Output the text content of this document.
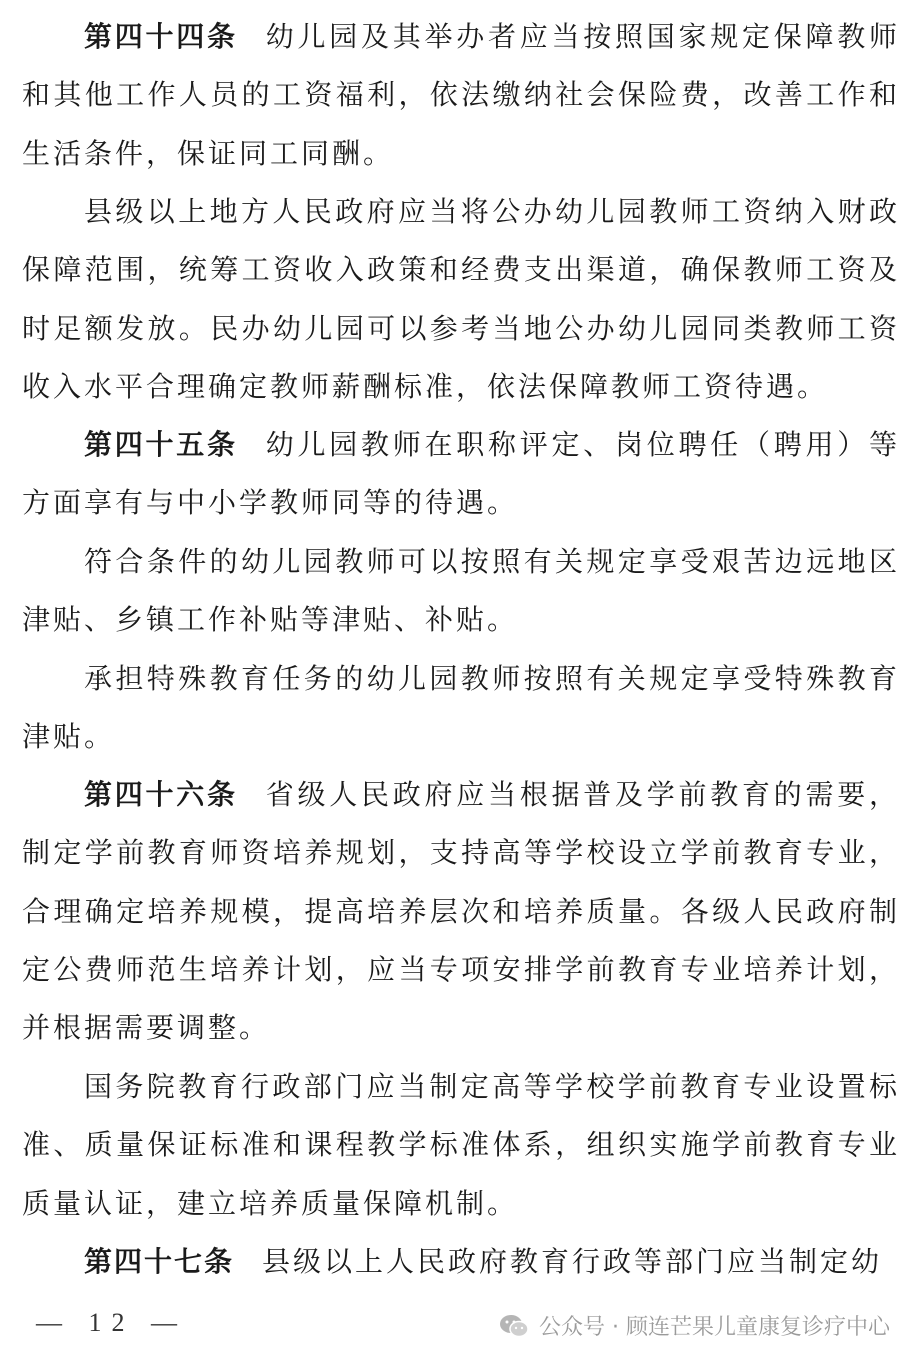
第四十四条 幼儿园及其举办者应当按照国家规定保障教师和其他工作人员的工资福利，依法缴纳社会保险费，改善工作和生活条件，保证同工同酬。

县级以上地方人民政府应当将公办幼儿园教师工资纳入财政保障范围，统筹工资收入政策和经费支出渠道，确保教师工资及时足额发放。民办幼儿园可以参考当地公办幼儿园同类教师工资收入水平合理确定教师薪酬标准，依法保障教师工资待遇。

第四十五条 幼儿园教师在职称评定、岗位聘任（聘用）等方面享有与中小学教师同等的待遇。

符合条件的幼儿园教师可以按照有关规定享受艰苦边远地区津贴、乡镇工作补贴等津贴、补贴。

承担特殊教育任务的幼儿园教师按照有关规定享受特殊教育津贴。

第四十六条 省级人民政府应当根据普及学前教育的需要，制定学前教育师资培养规划，支持高等学校设立学前教育专业，合理确定培养规模，提高培养层次和培养质量。各级人民政府制定公费师范生培养计划，应当专项安排学前教育专业培养计划，并根据需要调整。

国务院教育行政部门应当制定高等学校学前教育专业设置标准、质量保证标准和课程教学标准体系，组织实施学前教育专业质量认证，建立培养质量保障机制。

第四十七条 县级以上人民政府教育行政等部门应当制定幼

— 12 —	公众号 · 顾连芒果儿童康复诊疗中心
